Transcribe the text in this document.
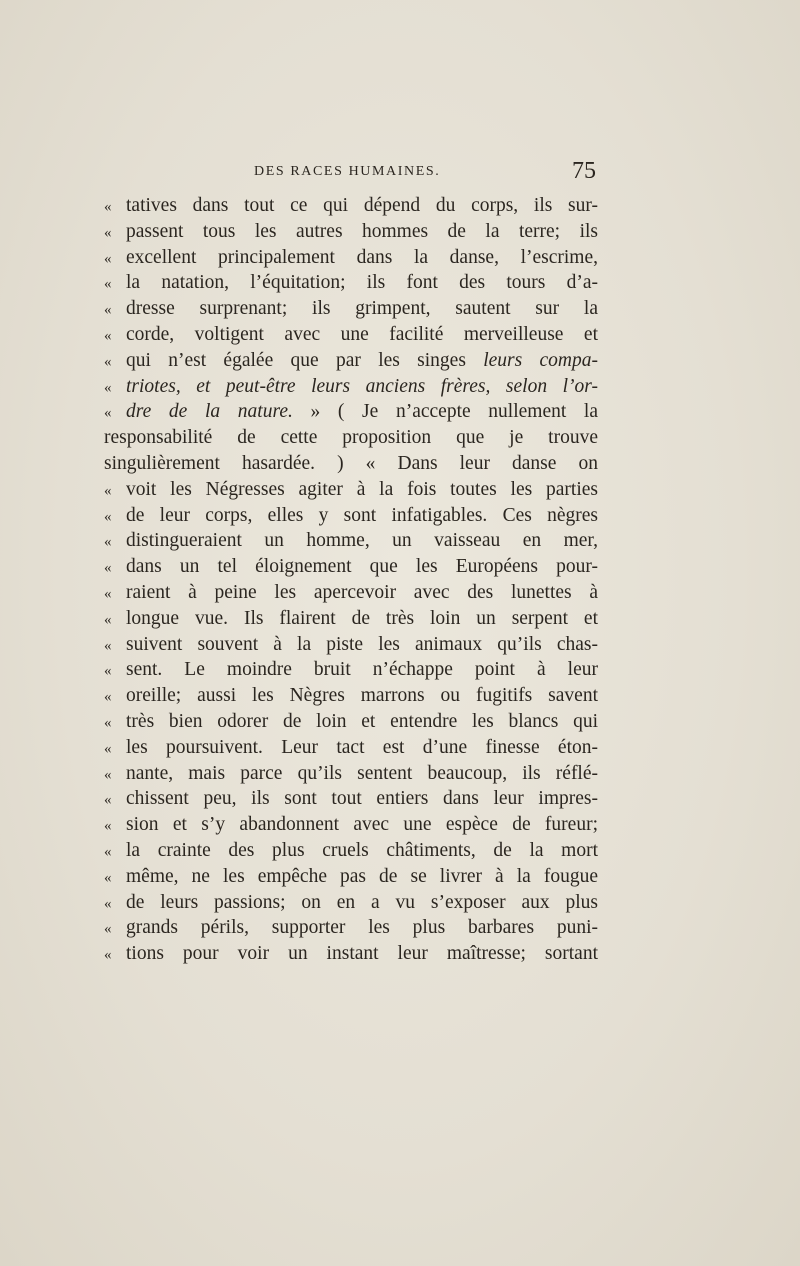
DES RACES HUMAINES.	75
« tatives dans tout ce qui dépend du corps, ils sur-
« passent tous les autres hommes de la terre; ils
« excellent principalement dans la danse, l’escrime,
« la natation, l’équitation; ils font des tours d’a-
« dresse surprenant; ils grimpent, sautent sur la
« corde, voltigent avec une facilité merveilleuse et
« qui n’est égalée que par les singes leurs compa-
« triotes, et peut-être leurs anciens frères, selon l’or-
« dre de la nature. » ( Je n’accepte nullement la
responsabilité de cette proposition que je trouve
singulièrement hasardée. ) « Dans leur danse on
« voit les Négresses agiter à la fois toutes les parties
« de leur corps, elles y sont infatigables. Ces nègres
« distingueraient un homme, un vaisseau en mer,
« dans un tel éloignement que les Européens pour-
« raient à peine les apercevoir avec des lunettes à
« longue vue. Ils flairent de très loin un serpent et
« suivent souvent à la piste les animaux qu’ils chas-
« sent. Le moindre bruit n’échappe point à leur
« oreille; aussi les Nègres marrons ou fugitifs savent
« très bien odorer de loin et entendre les blancs qui
« les poursuivent. Leur tact est d’une finesse éton-
« nante, mais parce qu’ils sentent beaucoup, ils réflé-
« chissent peu, ils sont tout entiers dans leur impres-
« sion et s’y abandonnent avec une espèce de fureur;
« la crainte des plus cruels châtiments, de la mort
« même, ne les empêche pas de se livrer à la fougue
« de leurs passions; on en a vu s’exposer aux plus
« grands périls, supporter les plus barbares puni-
« tions pour voir un instant leur maîtresse; sortant
